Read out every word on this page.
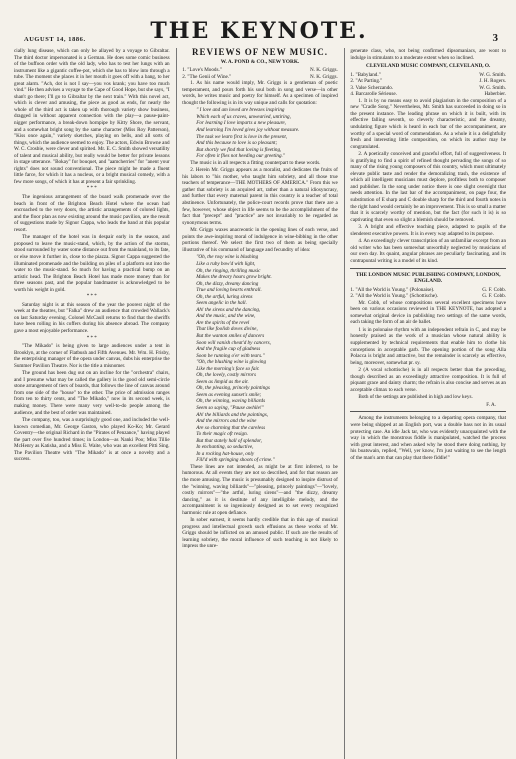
AUGUST 14, 1886.	THE KEYNOTE.	3

cially lung disease, which can only be allayed by a voyage to Gibraltar. The third doctor impersonated is a German. He does some comic business of the buffoon order with the old lady, who has to test her lungs with an instrument like a gigantic coffee-pot, which she has to blow into through a tube. The moment she places it in her mouth it goes off with a bang, to her great alarm. "Ach, dot is not I say—you vos krank; you have too much vind." He then advises a voyage to the Cape of Good Hope, but she says, "I shan't go there; I'll go to Gibraltar by the next train." With this novel act, which is clever and amusing, the piece as good as ends, for nearly the whole of the third act is taken up with thorough variety show business, dragged in without apparent connection with the play—a pause-paint-nigger performance, a break-down hornpipe by Kitty Shore, the servant, and a somewhat bright song by the same character (Miss Roy Patterson), "Kiss once again," variety sketches, playing on bells, and all sorts of things, which the audience seemed to enjoy. The actors, Edwin Browne and W. C. Crosbie, were clever and spirited. Mr. E. C. Smith showed versatility of talent and musical ability, but really would be better for private lessons in stage utterance. "Bokay" for bouquet, and "aamcherries" for "anent your rights" does not sound conventional. The piece might be made a fluent little farce, for which it has a nucleus, or a bright musical comedy, with a few more songs, of which it has at present a fair sprinkling.

* * *

The ingenious arrangement of the board walk promenade over the beach in front of the Brighton Beach Hotel where the ocean had encroached to the very doors, the artistic arrangements of colored lights, and the floor plan as now existing around the music pavilion, are the result of suggestions made by Signor Cappa, who leads the band at this popular resort.

The manager of the hotel was in despair early in the season, and proposed to leave the music-stand, which, by the action of the storms, stood surrounded by water some distance out from the mainland, to its fate, or else move it further in, close to the piazza. Signor Cappa suggested the illuminated promenade and the building on piles of a platform out into the water to the music-stand. So much for having a practical bump on an artistic head. The Brighton Beach Hotel has made more money than for three seasons past, and the popular bandmaster is acknowledged to be worth his weight in gold.

* * *

Saturday night is at this season of the year the poorest night of the week at the theatres, but "Falka" drew an audience that crowded Wallack's on last Saturday evening. Colonel McCaull returns to find that the sheriffs have been rolling in his coffers during his absence abroad. The company gave a most enjoyable performance.

* * *

"The Mikado" is being given to large audiences under a tent in Brooklyn, at the corner of Flatbush and Fifth Avenues. Mr. Wm. H. Frisby, the enterprising manager of the opera under canvas, dubs his enterprise the Summer Pavilion Theatre. Nor is the title a misnomer.

The ground has been dug out on an incline for the "orchestra" chairs, and I presume what may be called the gallery is the good old semi-circle stone arrangement of tiers of boards, that follows the line of canvas around from one side of the "house" to the other. The price of admission ranges from ten to thirty cents, and "The Mikado," now in its second week, is making money. There were many very well-to-do people among the audience, and the best of order was maintained.

The company, too, was a surprisingly good one, and included the well-known comedian, Mr. George Gaston, who played Ko-Ko; Mr. Gerard Coventry—the original Richard in the "Pirates of Penzance," having played the part over five hundred times; in London—as Nanki Poo; Miss Tillie McHenry as Katisha, and a Miss E. Waite, who was an excellent Pitti Sing. The Pavilion Theatre with "The Mikado" is at once a novelty and a success.

REVIEWS OF NEW MUSIC.
W. A. POND & CO., NEW YORK.
1. "Love's Moods."	N. K. Griggs.
2. "The Genii of Wine."	N. K. Griggs.

1. As his name would imply, Mr. Griggs is a gentleman of poetic temperament, and pours forth his soul both in song and verse—in other words, he writes music and poetry for himself. As a specimen of inspired thought the following is in its way unique and calls for quotation:

" I love and am loved are breezes inspiring
Which each of us craves, unwearied, untiring,
For learning I love imparts a new pleasure,
And learning I'm loved gives joy without measure.
The task we learn first is love in the present,
And this because to love is so pleasant;
But shortly we find that loving is fleeting,
For often it flies not heeding our greeting."

The music is in all respects a fitting counterpart to these words.

2. Herein Mr. Griggs appears as a moralist, and dedicates the fruits of his labors to "his mother, who taught him sobriety, and all those true teachers of temperance—THE MOTHERS OF AMERICA." From this we gather that sobriety is an acquired art, rather than a natural idiosyncrasy, and further that every maternal parent in this country is a teacher of total abstinence. Unfortunately, the police-court records prove that there are a few, however, whose object in life seems to be the accomplishment of the fact that "precept" and "practice" are not invariably to be regarded as synonymous terms.

Mr. Griggs waxes anacreontic in the opening lines of each verse, and points the awe-inspiring moral of indulgence in wine-bibbing in the other portions thereof. We select the first two of them as being specially illustrative of his command of language and fecundity of idea:

"Oh, the rosy wine is blushing
Like a ruby bow'd with light,
Oh, the ringing, thrilling music
Makes the dreary hours grow bright.
Oh, the dizzy, dreamy dancing
True and loving hearts enthrall.
Oh, the artful, luring sirens
Seem angelic in the hall.
Ah! the sirens and the dancing,
And the music, and the wine,
Are the spirits of the revel
That like foolish doves divine,
But the wanton smiles of dancers
Soon will vanish cheat'd by cancers,
And the fragile cup of gladness
Soon be running o'er with tears."
"Oh, the blushing wine is glowing
Like the morning's face so fair.
Oh, the lovely, costly mirrors
Seem as limpid as the air.
Oh, the pleasing, princely paintings
Seem as evening sunset's smile;
Oh, the winning, waving billiards
Seem so saying, "Pause awhile!"
Ah! the billiards and the paintings,
And the mirrors and the wine
Are so charming that the careless
To their magic oft resign.
But that stately hall of splendor,
In enchanting, so seductive,
In a rocking hat-house, only
Fill'd with springing shoots of crime."

These lines are not intended, as might be at first inferred, to be humorous. At all events they are not so described, and for that reason are the more amusing. The music is presumably designed to inspire distrust of the "winning, waving billiards"—"pleasing, princely paintings"—"lovely, costly mirrors"—"the artful, luring sirens"—and "the dizzy, dreamy dancing," as it is destitute of any intelligible melody, and the accompaniment is so ingeniously designed as to set every recognized harmonic rule at open defiance.

In sober earnest, it seems hardly credible that in this age of musical progress and intellectual growth such effusions as these works of Mr. Griggs should be inflicted on an amused public. If such are the results of learning sobriety, the moral influence of such teaching is not likely to impress the unre-

generate class, who, not being confirmed dipsomaniacs, are wont to indulge in stimulants to a moderate extent when so inclined.

CLEVELAND MUSIC COMPANY, CLEVELAND, O.
1. "Babyland."	W. G. Smith.
2. "At Parting."	J. H. Rogers.
3. Valse Scherzando.	W. G. Smith.
4. Barcarolle Sérieuse.	Haberbier.

1. It is by no means easy to avoid plagiarism in the composition of a new "Cradle Song." Nevertheless, Mr. Smith has succeeded in doing so in the present instance. The leading phrase on which it is built, with its effective falling seventh, so cleverly characteristic, and the dreamy, undulating figure which is heard in each bar of the accompaniment, are worthy of a special word of commendation. As a whole it is a delightfully fresh and interesting little composition, on which its author may be congratulated.

2. A poetically conceived and graceful effort, full of suggestiveness. It is gratifying to find a spirit of refined thought pervading the songs of so many of the rising young composers of this country, which must ultimately elevate public taste and render the demoralizing trash, the existence of which all intelligent musicians must deplore, profitless both to composer and publisher. In the song under notice there is one slight oversight that needs attention. In the last bar of the accompaniment, on page four, the substitution of E sharp and C double sharp for the third and fourth notes in the right hand would certainly be an improvement. This is so small a matter that it is scarcely worthy of mention, but the fact (for such it is) is so captivating that even so slight a blemish should be removed.

3. A bright and effective teaching piece, adapted to pupils of the slenderest executive powers. It is in every way adapted to its purpose.

4. An exceedingly clever transcription of an unfamiliar excerpt from an old writer who has been somewhat unworthily neglected by musicians of our own day. Its quaint, angular phrases are peculiarly fascinating, and its contrapuntal writing is a model of its kind.

THE LONDON MUSIC PUBLISHING COMPANY, LONDON, ENGLAND.
1. "All the World is Young." (Polonaise).	G. F. Cobb.
2. "All the World is Young." (Schottische).	G. F. Cobb.

Mr. Cobb, of whose compositions several excellent specimens have been on various occasions reviewed in THE KEYNOTE, has adopted a somewhat original device in publishing two settings of the same words, each taking the form of an air de ballet.

1 is in polonaise rhythm with an independent refrain in C, and may be honestly praised as the work of a musician whose natural ability is supplemented by technical requirements that enable him to clothe his conceptions in acceptable garb. The opening portion of the song Alla Polacca is bright and attractive, but the remainder is scarcely as effective, being, moreover, somewhat pr. sy.

2 (A vocal schottische) is in all respects better than the preceding, though described as an exceedingly attractive composition. It is full of piquant grace and dainty charm; the refrain is also concise and serves as an acceptable climax to each verse.

Both of the settings are published in high and low keys.

F. A.

Among the instruments belonging to a departing opera company, that were being shipped at an English port, was a double bass not in its usual protecting case. An idle Jack tar, who was evidently unacquainted with the way in which the monstrous fiddle is manipulated, watched the process with great interest, and when asked why he stood there doing nothing, by his boatswain, replied, "Well, yer know, I'm just waiting to see the length of the man's arm that can play that there fiddle!"
